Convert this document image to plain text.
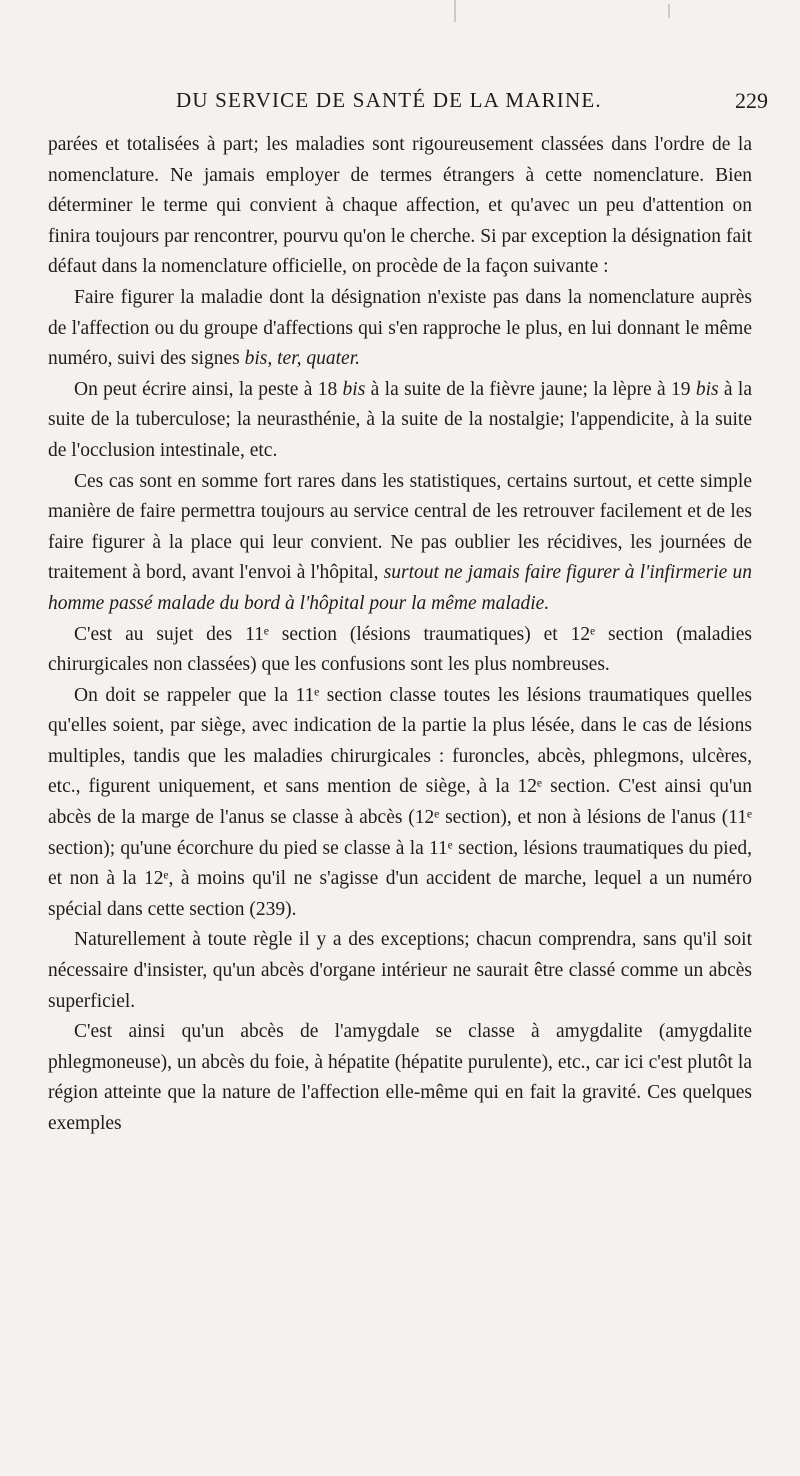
DU SERVICE DE SANTÉ DE LA MARINE.	229

parées et totalisées à part; les maladies sont rigoureusement classées dans l'ordre de la nomenclature. Ne jamais employer de termes étrangers à cette nomenclature. Bien déterminer le terme qui convient à chaque affection, et qu'avec un peu d'attention on finira toujours par rencontrer, pourvu qu'on le cherche. Si par exception la désignation fait défaut dans la nomenclature officielle, on procède de la façon suivante :

Faire figurer la maladie dont la désignation n'existe pas dans la nomenclature auprès de l'affection ou du groupe d'affections qui s'en rapproche le plus, en lui donnant le même numéro, suivi des signes bis, ter, quater.

On peut écrire ainsi, la peste à 18 bis à la suite de la fièvre jaune; la lèpre à 19 bis à la suite de la tuberculose; la neurasthénie, à la suite de la nostalgie; l'appendicite, à la suite de l'occlusion intestinale, etc.

Ces cas sont en somme fort rares dans les statistiques, certains surtout, et cette simple manière de faire permettra toujours au service central de les retrouver facilement et de les faire figurer à la place qui leur convient. Ne pas oublier les récidives, les journées de traitement à bord, avant l'envoi à l'hôpital, surtout ne jamais faire figurer à l'infirmerie un homme passé malade du bord à l'hôpital pour la même maladie.

C'est au sujet des 11ᵉ section (lésions traumatiques) et 12ᵉ section (maladies chirurgicales non classées) que les confusions sont les plus nombreuses.

On doit se rappeler que la 11ᵉ section classe toutes les lésions traumatiques quelles qu'elles soient, par siège, avec indication de la partie la plus lésée, dans le cas de lésions multiples, tandis que les maladies chirurgicales : furoncles, abcès, phlegmons, ulcères, etc., figurent uniquement, et sans mention de siège, à la 12ᵉ section. C'est ainsi qu'un abcès de la marge de l'anus se classe à abcès (12ᵉ section), et non à lésions de l'anus (11ᵉ section); qu'une écorchure du pied se classe à la 11ᵉ section, lésions traumatiques du pied, et non à la 12ᵉ, à moins qu'il ne s'agisse d'un accident de marche, lequel a un numéro spécial dans cette section (239).

Naturellement à toute règle il y a des exceptions; chacun comprendra, sans qu'il soit nécessaire d'insister, qu'un abcès d'organe intérieur ne saurait être classé comme un abcès superficiel.

C'est ainsi qu'un abcès de l'amygdale se classe à amygdalite (amygdalite phlegmoneuse), un abcès du foie, à hépatite (hépatite purulente), etc., car ici c'est plutôt la région atteinte que la nature de l'affection elle-même qui en fait la gravité. Ces quelques exemples
